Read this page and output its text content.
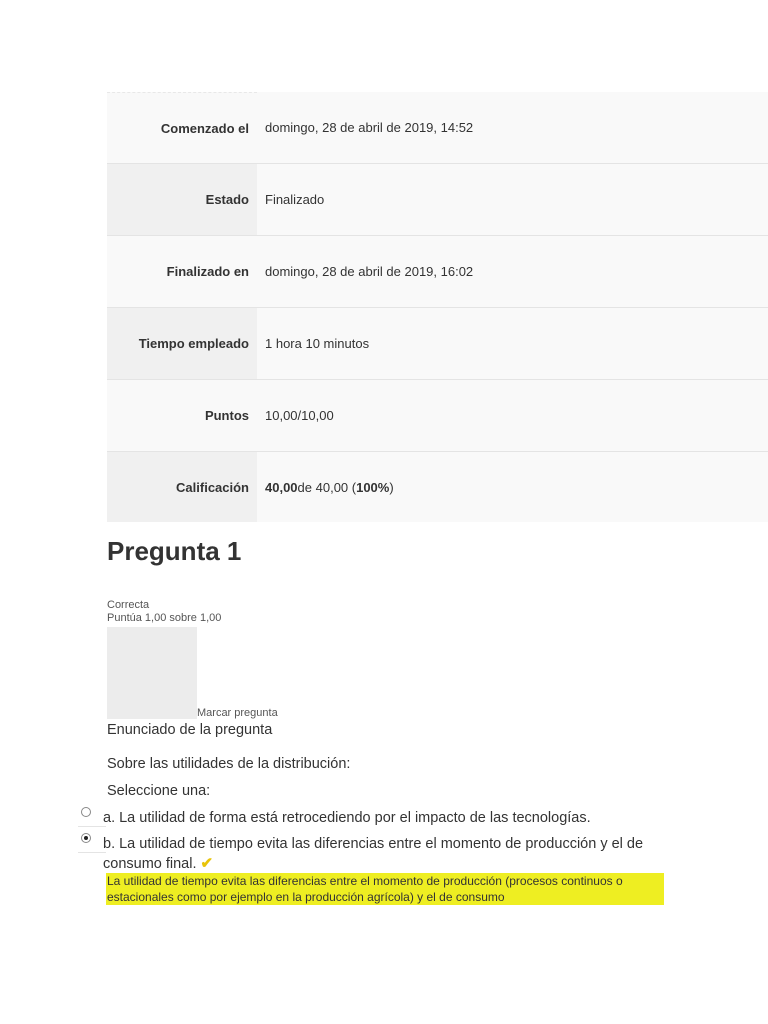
Comenzado el	domingo, 28 de abril de 2019, 14:52
Estado	Finalizado
Finalizado en	domingo, 28 de abril de 2019, 16:02
Tiempo empleado	1 hora 10 minutos
Puntos	10,00/10,00
Calificación	40,00 de 40,00 ( 100% )
Pregunta 1
Correcta
Puntúa 1,00 sobre 1,00
Marcar pregunta
Enunciado de la pregunta
Sobre las utilidades de la distribución:
Seleccione una:
a. La utilidad de forma está retrocediendo por el impacto de las tecnologías.
b. La utilidad de tiempo evita las diferencias entre el momento de producción y el de consumo final. ✔
La utilidad de tiempo evita las diferencias entre el momento de producción (procesos continuos o estacionales como por ejemplo en la producción agrícola) y el de consumo
